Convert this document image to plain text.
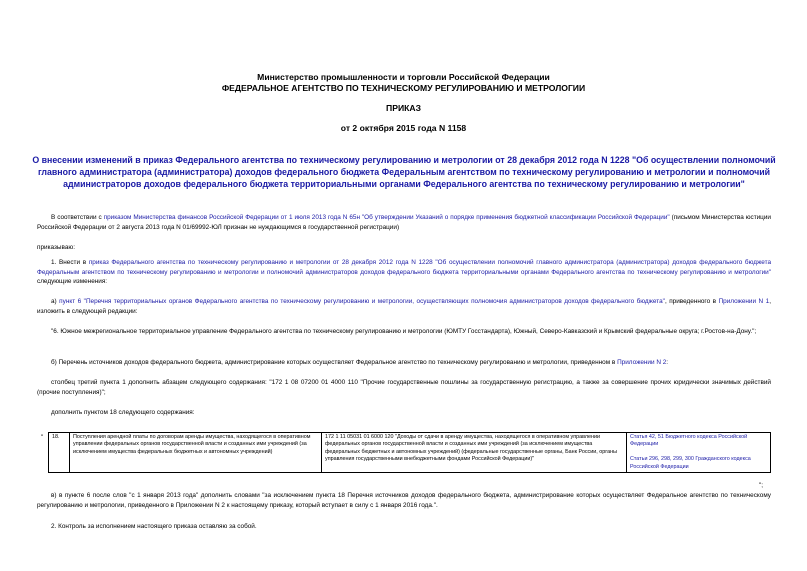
Министерство промышленности и торговли Российской Федерации
ФЕДЕРАЛЬНОЕ АГЕНТСТВО ПО ТЕХНИЧЕСКОМУ РЕГУЛИРОВАНИЮ И МЕТРОЛОГИИ
ПРИКАЗ
от 2 октября 2015 года N 1158
О внесении изменений в приказ Федерального агентства по техническому регулированию и метрологии от 28 декабря 2012 года N 1228 "Об осуществлении полномочий главного администратора (администратора) доходов федерального бюджета Федеральным агентством по техническому регулированию и метрологии и полномочий администраторов доходов федерального бюджета территориальными органами Федерального агентства по техническому регулированию и метрологии"
В соответствии с приказом Министерства финансов Российской Федерации от 1 июля 2013 года N 65н "Об утверждении Указаний о порядке применения бюджетной классификации Российской Федерации" (письмом Министерства юстиции Российской Федерации от 2 августа 2013 года N 01/69992-ЮЛ признан не нуждающимся в государственной регистрации)
приказываю:
1. Внести в приказ Федерального агентства по техническому регулированию и метрологии от 28 декабря 2012 года N 1228 "Об осуществлении полномочий главного администратора (администратора) доходов федерального бюджета Федеральным агентством по техническому регулированию и метрологии и полномочий администраторов доходов федерального бюджета территориальными органами Федерального агентства по техническому регулированию и метрологии" следующие изменения:
а) пункт 6 "Перечня территориальных органов Федерального агентства по техническому регулированию и метрологии, осуществляющих полномочия администраторов доходов федерального бюджета", приведенного в Приложении N 1, изложить в следующей редакции:
"6. Южное межрегиональное территориальное управление Федерального агентства по техническому регулированию и метрологии (ЮМТУ Госстандарта), Южный, Северо-Кавказский и Крымский федеральные округа; г.Ростов-на-Дону.";
б) Перечень источников доходов федерального бюджета, администрирование которых осуществляет Федеральное агентство по техническому регулированию и метрологии, приведенном в Приложении N 2:
столбец третий пункта 1 дополнить абзацем следующего содержания: "172 1 08 07200 01 4000 110 "Прочие государственные пошлины за государственную регистрацию, а также за совершение прочих юридически значимых действий (прочие поступления)";
дополнить пунктом 18 следующего содержания:
" 18.	Поступления арендной платы по договорам аренды имущества, находящегося в оперативном управлении федеральных органов государственной власти и созданных ими учреждений (за исключением имущества федеральных бюджетных и автономных учреждений)	172 1 11 05031 01 6000 120 "Доходы от сдачи в аренду имущества, находящегося в оперативном управлении федеральных органов государственной власти и созданных ими учреждений (за исключением имущества федеральных бюджетных и автономных учреждений) (федеральные государственные органы, Банк России, органы управления государственными внебюджетными фондами Российской Федерации)"	Статья 42, 51 Бюджетного кодекса Российской Федерации

Статьи 296, 298, 299, 300 Гражданского кодекса Российской Федерации
";
в) в пункте 6 после слов "с 1 января 2013 года" дополнить словами "за исключением пункта 18 Перечня источников доходов федерального бюджета, администрирование которых осуществляет Федеральное агентство по техническому регулированию и метрологии, приведенного в Приложении N 2 к настоящему приказу, который вступает в силу с 1 января 2016 года.".
2. Контроль за исполнением настоящего приказа оставляю за собой.
